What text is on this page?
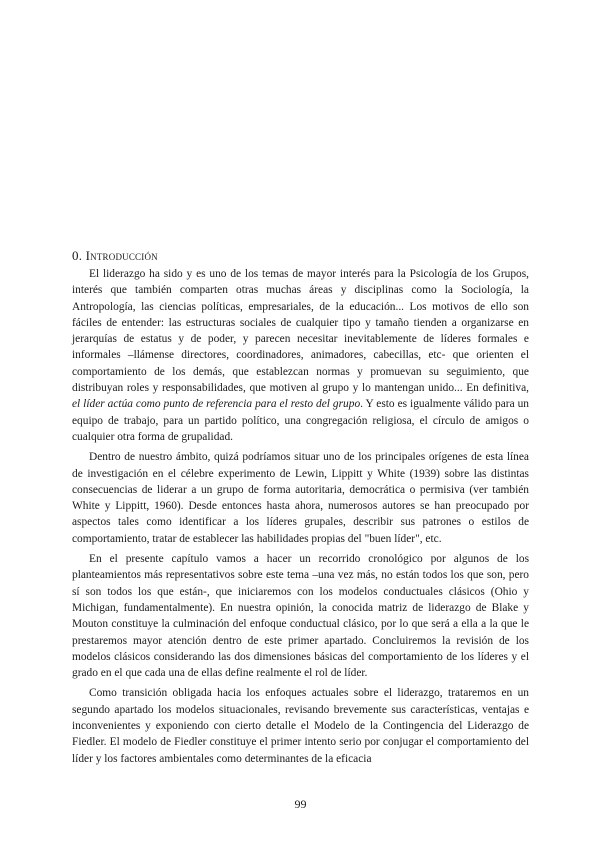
0. Introducción

El liderazgo ha sido y es uno de los temas de mayor interés para la Psicología de los Grupos, interés que también comparten otras muchas áreas y disciplinas como la Sociología, la Antropología, las ciencias políticas, empresariales, de la educación... Los motivos de ello son fáciles de entender: las estructuras sociales de cualquier tipo y tamaño tienden a organizarse en jerarquías de estatus y de poder, y parecen necesitar inevitablemente de líderes formales e informales –llámense directores, coordinadores, animadores, cabecillas, etc- que orienten el comportamiento de los demás, que establezcan normas y promuevan su seguimiento, que distribuyan roles y responsabilidades, que motiven al grupo y lo mantengan unido... En definitiva, el líder actúa como punto de referencia para el resto del grupo. Y esto es igualmente válido para un equipo de trabajo, para un partido político, una congregación religiosa, el círculo de amigos o cualquier otra forma de grupalidad.

Dentro de nuestro ámbito, quizá podríamos situar uno de los principales orígenes de esta línea de investigación en el célebre experimento de Lewin, Lippitt y White (1939) sobre las distintas consecuencias de liderar a un grupo de forma autoritaria, democrática o permisiva (ver también White y Lippitt, 1960). Desde entonces hasta ahora, numerosos autores se han preocupado por aspectos tales como identificar a los líderes grupales, describir sus patrones o estilos de comportamiento, tratar de establecer las habilidades propias del "buen líder", etc.

En el presente capítulo vamos a hacer un recorrido cronológico por algunos de los planteamientos más representativos sobre este tema –una vez más, no están todos los que son, pero sí son todos los que están-, que iniciaremos con los modelos conductuales clásicos (Ohio y Michigan, fundamentalmente). En nuestra opinión, la conocida matriz de liderazgo de Blake y Mouton constituye la culminación del enfoque conductual clásico, por lo que será a ella a la que le prestaremos mayor atención dentro de este primer apartado. Concluiremos la revisión de los modelos clásicos considerando las dos dimensiones básicas del comportamiento de los líderes y el grado en el que cada una de ellas define realmente el rol de líder.

Como transición obligada hacia los enfoques actuales sobre el liderazgo, trataremos en un segundo apartado los modelos situacionales, revisando brevemente sus características, ventajas e inconvenientes y exponiendo con cierto detalle el Modelo de la Contingencia del Liderazgo de Fiedler. El modelo de Fiedler constituye el primer intento serio por conjugar el comportamiento del líder y los factores ambientales como determinantes de la eficacia

99
